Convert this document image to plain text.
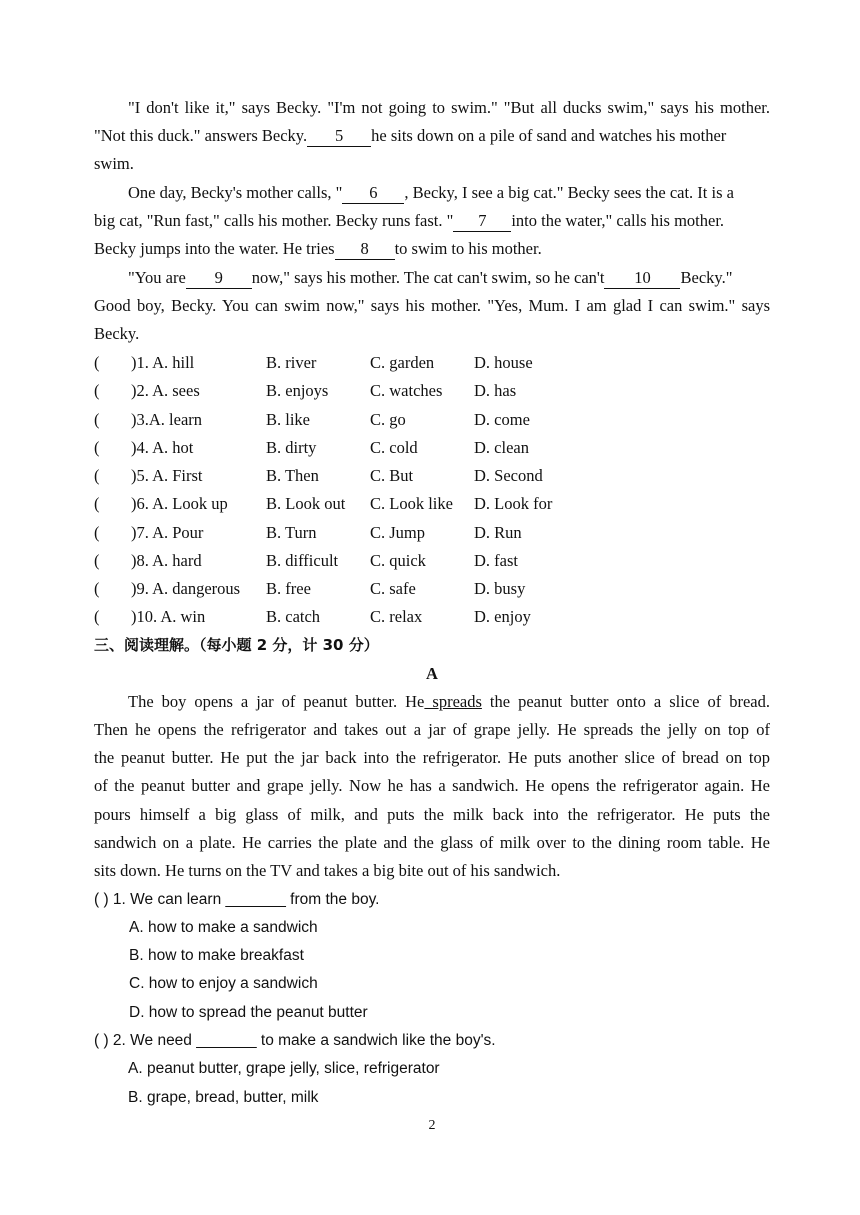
"I don't like it," says Becky. "I'm not going to swim." "But all ducks swim," says his mother.
"Not this duck." answers Becky. 5 he sits down on a pile of sand and watches his mother
swim.
One day, Becky's mother calls, " 6 , Becky, I see a big cat." Becky sees the cat. It is a
big cat, "Run fast," calls his mother. Becky runs fast. " 7 into the water," calls his mother.
Becky jumps into the water. He tries 8 to swim to his mother.
"You are 9 now," says his mother. The cat can't swim, so he can't 10 Becky."
Good boy, Becky. You can swim now," says his mother. "Yes, Mum. I am glad I can swim." says
Becky.
( )1. A. hill	B. river	C. garden D. house
( )2. A. sees	B. enjoys	C. watches D. has
( )3.A. learn	B. like	C. go	D. come
( )4. A. hot	B. dirty	C. cold	D. clean
( )5. A. First	B. Then	C. But	D. Second
( )6. A. Look up B. Look out C. Look like D. Look for
( )7. A. Pour	B. Turn	C. Jump	D. Run
( )8. A. hard	B. difficult C. quick	D. fast
( )9. A. dangerous B. free	C. safe	D. busy
( )10. A. win	B. catch	C. relax	D. enjoy
三、阅读理解。（每小题 2 分，计 30 分）
A
The boy opens a jar of peanut butter. He spreads the peanut butter onto a slice of bread.
Then he opens the refrigerator and takes out a jar of grape jelly. He spreads the jelly on top of
the peanut butter. He put the jar back into the refrigerator. He puts another slice of bread on top
of the peanut butter and grape jelly. Now he has a sandwich. He opens the refrigerator again. He
pours himself a big glass of milk, and puts the milk back into the refrigerator. He puts the
sandwich on a plate. He carries the plate and the glass of milk over to the dining room table. He
sits down. He turns on the TV and takes a big bite out of his sandwich.
( ) 1. We can learn _______ from the boy.
A. how to make a sandwich
B. how to make breakfast
C. how to enjoy a sandwich
D. how to spread the peanut butter
( ) 2. We need _______ to make a sandwich like the boy's.
A. peanut butter, grape jelly, slice, refrigerator
B. grape, bread, butter, milk
2
